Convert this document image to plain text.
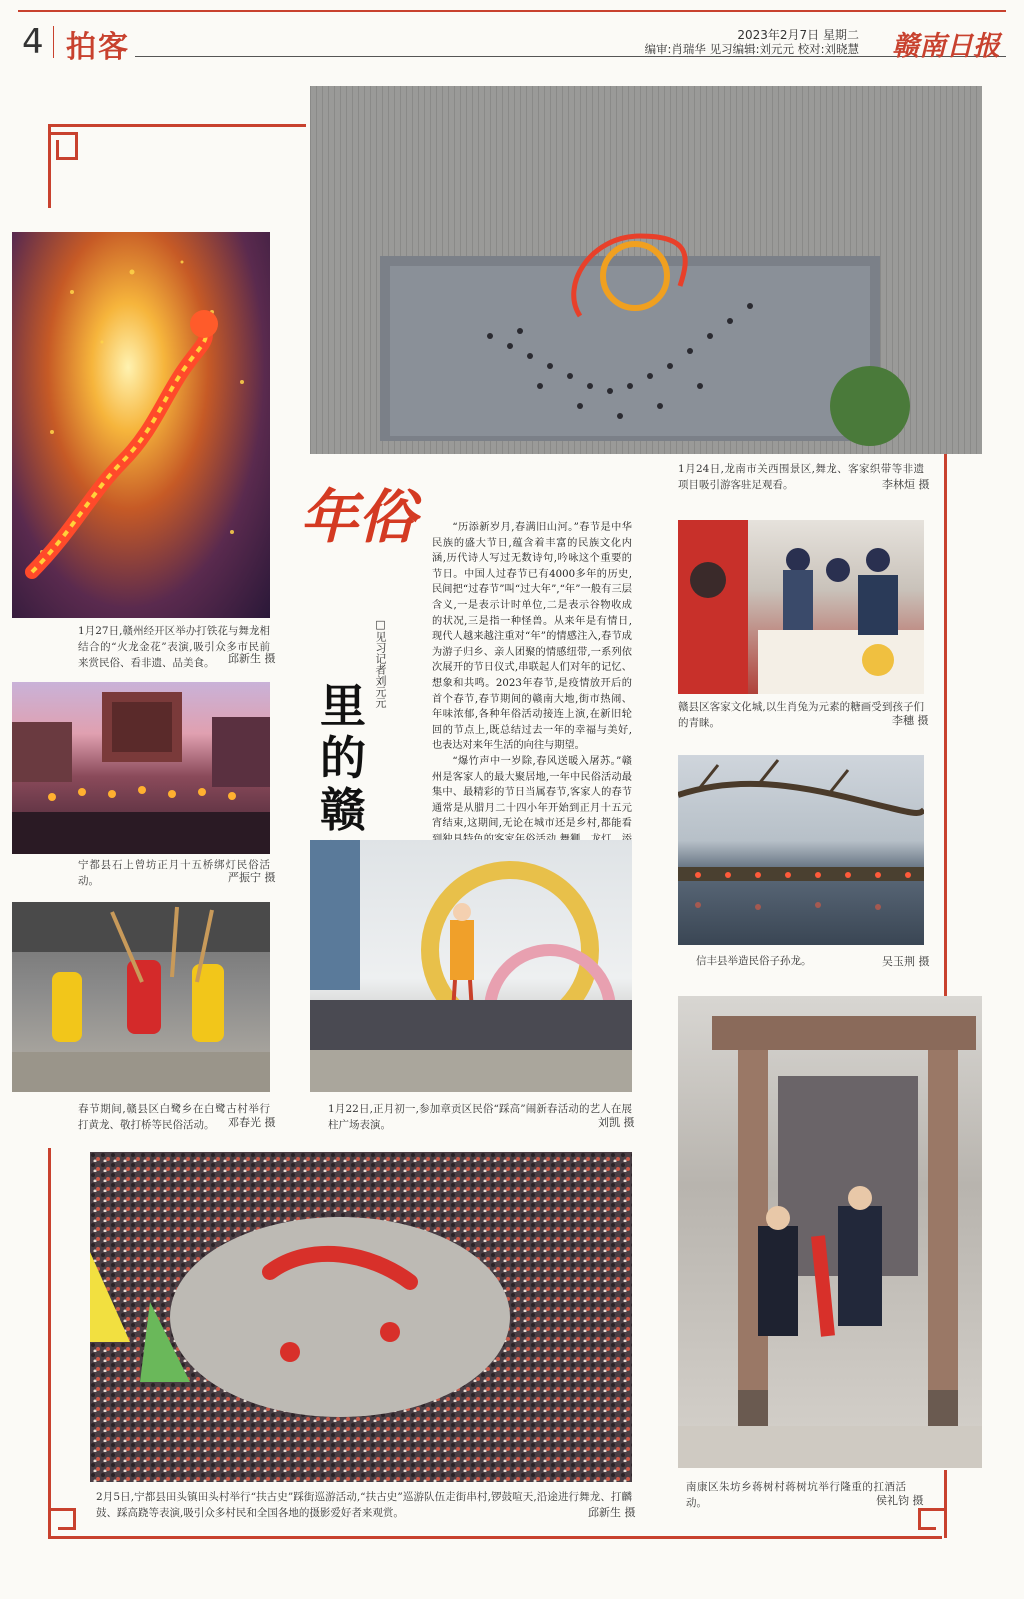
4 拍客	2023年2月7日 星期二
编审:肖瑞华 见习编辑:刘元元 校对:刘晓慧 赣南日报
1月27日,赣州经开区举办打铁花与舞龙相结合的“火龙金花”表演,吸引众多市民前来赏民俗、看非遗、品美食。	邱新生 摄
宁都县石上曾坊正月十五桥绑灯民俗活动。	严振宁 摄
春节期间,赣县区白鹭乡在白鹭古村举行打黄龙、敬打桥等民俗活动。	邓春光 摄
1月24日,龙南市关西围景区,舞龙、客家织带等非遗项目吸引游客驻足观看。	李林烜 摄
年俗
里的赣
□见习记者刘元元

“历添新岁月,春满旧山河。”春节是中华民族的盛大节日,蕴含着丰富的民族文化内涵,历代诗人写过无数诗句,吟咏这个重要的节日。中国人过春节已有4000多年的历史,民间把“过春节”叫“过大年”,“年”一般有三层含义,一是表示计时单位,二是表示谷物收成的状况,三是指一种怪兽。从来年是有情日,现代人越来越注重对“年”的情感注入,春节成为游子归乡、亲人团聚的情感纽带,一系列依次展开的节日仪式,串联起人们对年的记忆、想象和共鸣。2023年春节,是疫情放开后的首个春节,春节期间的赣南大地,街市热闹、年味浓郁,各种年俗活动接连上演,在新旧轮回的节点上,既总结过去一年的幸福与美好,也表达对来年生活的向往与期望。

“爆竹声中一岁除,春风送暖入屠苏。”赣州是客家人的最大聚居地,一年中民俗活动最集中、最精彩的节日当属春节,客家人的春节通常是从腊月二十四小年开始到正月十五元宵结束,这期间,无论在城市还是乡村,都能看

赣县区客家文化城,以生肖兔为元素的糖画受到孩子们的青睐。	李穗 摄
信丰县举造民俗子孙龙。	吴玉荆 摄
1月22日,正月初一,参加章贡区民俗“踩高”闹新春活动的艺人在展柱广场表演。	刘凯 摄
2月5日,宁都县田头镇田头村举行“扶古史”踩街巡游活动,“扶古史”巡游队伍走街串村,锣鼓喧天,沿途进行舞龙、打麟鼓、踩高跷等表演,吸引众多村民和全国各地的摄影爱好者来观赏。	邱新生 摄
南康区朱坊乡蒋树村蒋树坑举行隆重的扛酒活动。	侯礼钧 摄
